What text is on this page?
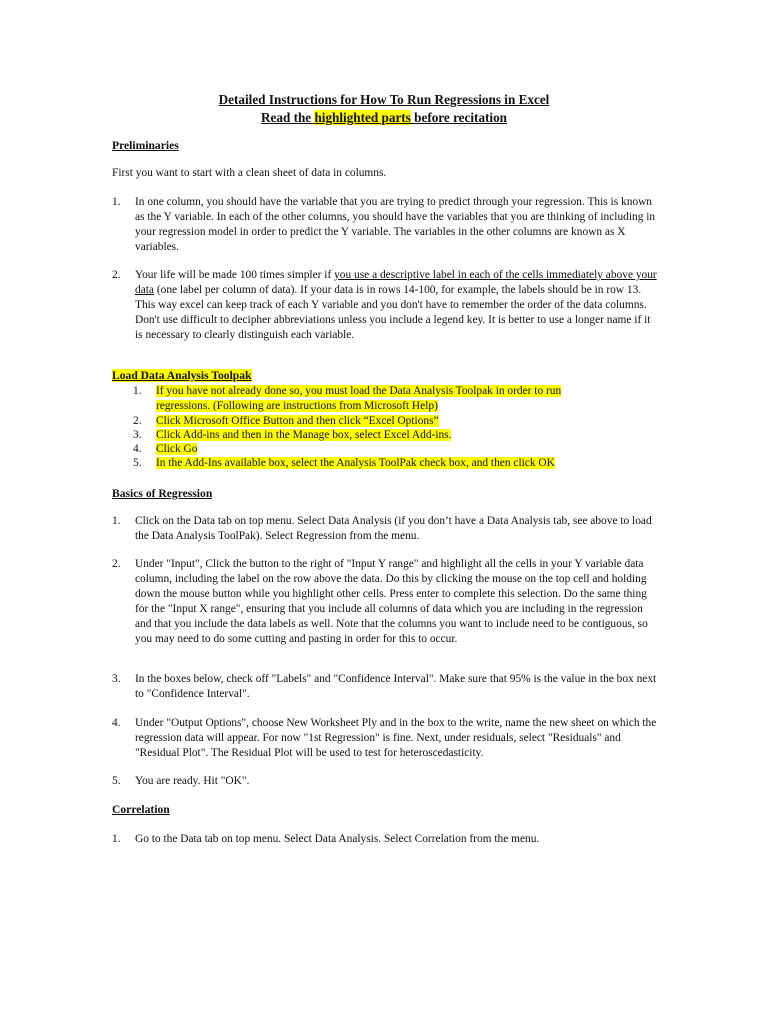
Detailed Instructions for How To Run Regressions in Excel
Read the highlighted parts before recitation
Preliminaries
First you want to start with a clean sheet of data in columns.
1.	In one column, you should have the variable that you are trying to predict through your regression. This is known as the Y variable. In each of the other columns, you should have the variables that you are thinking of including in your regression model in order to predict the Y variable. The variables in the other columns are known as X variables.
2.	Your life will be made 100 times simpler if you use a descriptive label in each of the cells immediately above your data (one label per column of data). If your data is in rows 14-100, for example, the labels should be in row 13. This way excel can keep track of each Y variable and you don't have to remember the order of the data columns. Don't use difficult to decipher abbreviations unless you include a legend key. It is better to use a longer name if it is necessary to clearly distinguish each variable.
Load Data Analysis Toolpak
1. If you have not already done so, you must load the Data Analysis Toolpak in order to run regressions. (Following are instructions from Microsoft Help)
2. Click Microsoft Office Button and then click “Excel Options”
3. Click Add-ins and then in the Manage box, select Excel Add-ins.
4. Click Go
5. In the Add-Ins available box, select the Analysis ToolPak check box, and then click OK
Basics of Regression
1.	Click on the Data tab on top menu. Select Data Analysis (if you don’t have a Data Analysis tab, see above to load the Data Analysis ToolPak). Select Regression from the menu.
2.	Under "Input", Click the button to the right of "Input Y range" and highlight all the cells in your Y variable data column, including the label on the row above the data. Do this by clicking the mouse on the top cell and holding down the mouse button while you highlight other cells. Press enter to complete this selection. Do the same thing for the "Input X range", ensuring that you include all columns of data which you are including in the regression and that you include the data labels as well. Note that the columns you want to include need to be contiguous, so you may need to do some cutting and pasting in order for this to occur.
3.	In the boxes below, check off "Labels" and "Confidence Interval". Make sure that 95% is the value in the box next to "Confidence Interval".
4.	Under "Output Options", choose New Worksheet Ply and in the box to the write, name the new sheet on which the regression data will appear. For now "1st Regression" is fine. Next, under residuals, select "Residuals" and "Residual Plot". The Residual Plot will be used to test for heteroscedasticity.
5.	You are ready. Hit "OK".
Correlation
1.	Go to the Data tab on top menu. Select Data Analysis. Select Correlation from the menu.
